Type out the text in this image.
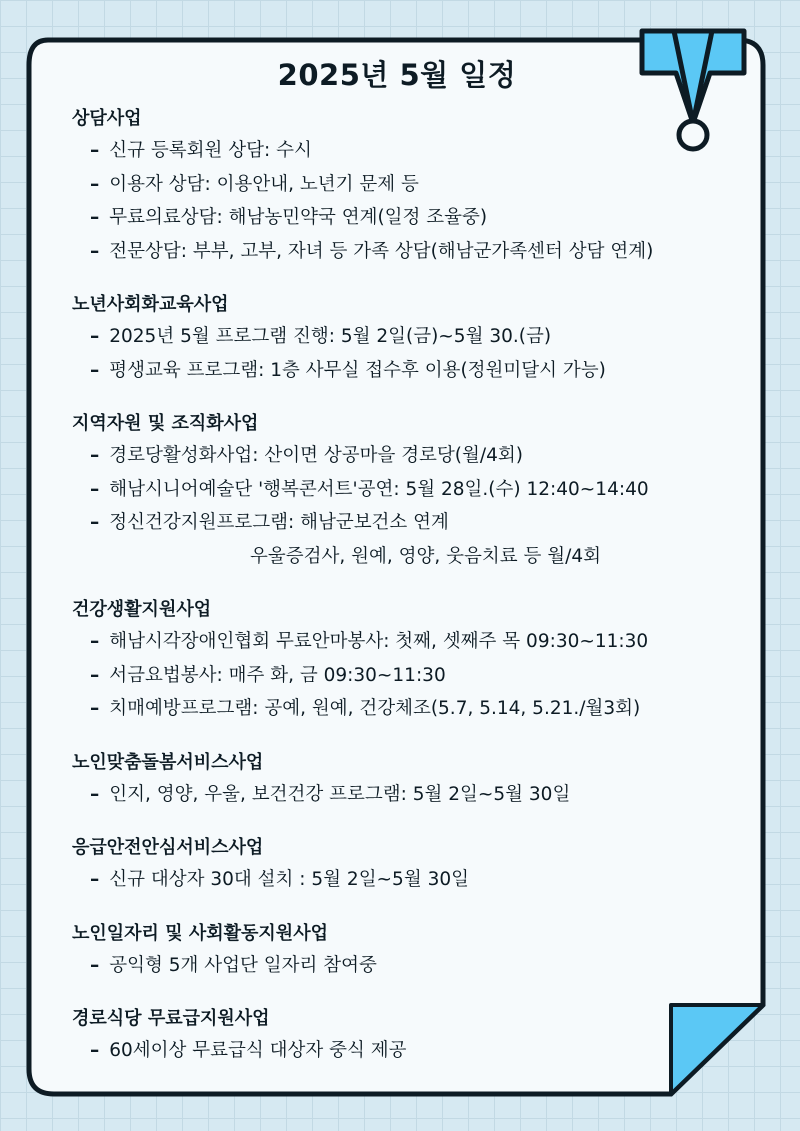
2025년 5월 일정
상담사업
– 신규 등록회원 상담: 수시
– 이용자 상담: 이용안내, 노년기 문제 등
– 무료의료상담: 해남농민약국 연계(일정 조율중)
– 전문상담: 부부, 고부, 자녀 등 가족 상담(해남군가족센터 상담 연계)
노년사회화교육사업
– 2025년 5월 프로그램 진행: 5월 2일(금)~5월 30.(금)
– 평생교육 프로그램: 1층 사무실 접수후 이용(정원미달시 가능)
지역자원 및 조직화사업
– 경로당활성화사업: 산이면 상공마을 경로당(월/4회)
– 해남시니어예술단 '행복콘서트'공연: 5월 28일.(수) 12:40~14:40
– 정신건강지원프로그램: 해남군보건소 연계
우울증검사, 원예, 영양, 웃음치료 등 월/4회
건강생활지원사업
– 해남시각장애인협회 무료안마봉사: 첫째, 셋째주 목 09:30~11:30
– 서금요법봉사: 매주 화, 금 09:30~11:30
– 치매예방프로그램: 공예, 원예, 건강체조(5.7, 5.14, 5.21./월3회)
노인맞춤돌봄서비스사업
– 인지, 영양, 우울, 보건건강 프로그램: 5월 2일~5월 30일
응급안전안심서비스사업
– 신규 대상자 30대 설치 : 5월 2일~5월 30일
노인일자리 및 사회활동지원사업
– 공익형 5개 사업단 일자리 참여중
경로식당 무료급지원사업
– 60세이상 무료급식 대상자 중식 제공
